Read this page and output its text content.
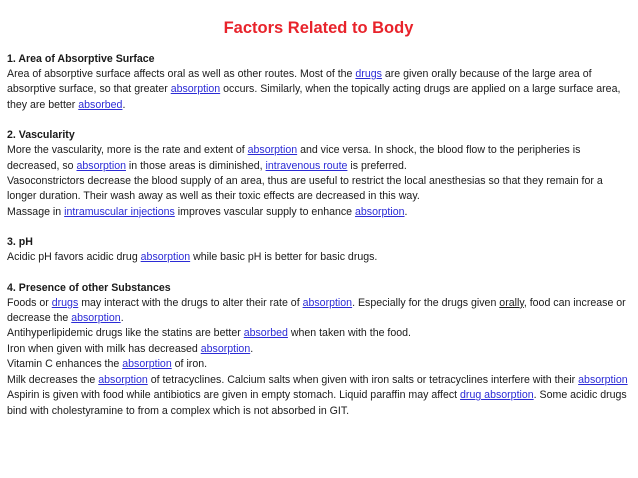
Factors Related to Body
1. Area of Absorptive Surface
Area of absorptive surface affects oral as well as other routes. Most of the drugs are given orally because of the large area of absorptive surface, so that greater absorption occurs. Similarly, when the topically acting drugs are applied on a large surface area, they are better absorbed.
2. Vascularity
More the vascularity, more is the rate and extent of absorption and vice versa. In shock, the blood flow to the peripheries is decreased, so absorption in those areas is diminished, intravenous route is preferred.
Vasoconstrictors decrease the blood supply of an area, thus are useful to restrict the local anesthesias so that they remain for a longer duration. Their wash away as well as their toxic effects are decreased in this way.
Massage in intramuscular injections improves vascular supply to enhance absorption.
3. pH
Acidic pH favors acidic drug absorption while basic pH is better for basic drugs.
4. Presence of other Substances
Foods or drugs may interact with the drugs to alter their rate of absorption. Especially for the drugs given orally, food can increase or decrease the absorption.
Antihyperlipidemic drugs like the statins are better absorbed when taken with the food.
Iron when given with milk has decreased absorption.
Vitamin C enhances the absorption of iron.
Milk decreases the absorption of tetracyclines. Calcium salts when given with iron salts or tetracyclines interfere with their absorption
Aspirin is given with food while antibiotics are given in empty stomach. Liquid paraffin may affect drug absorption. Some acidic drugs bind with cholestyramine to from a complex which is not absorbed in GIT.
